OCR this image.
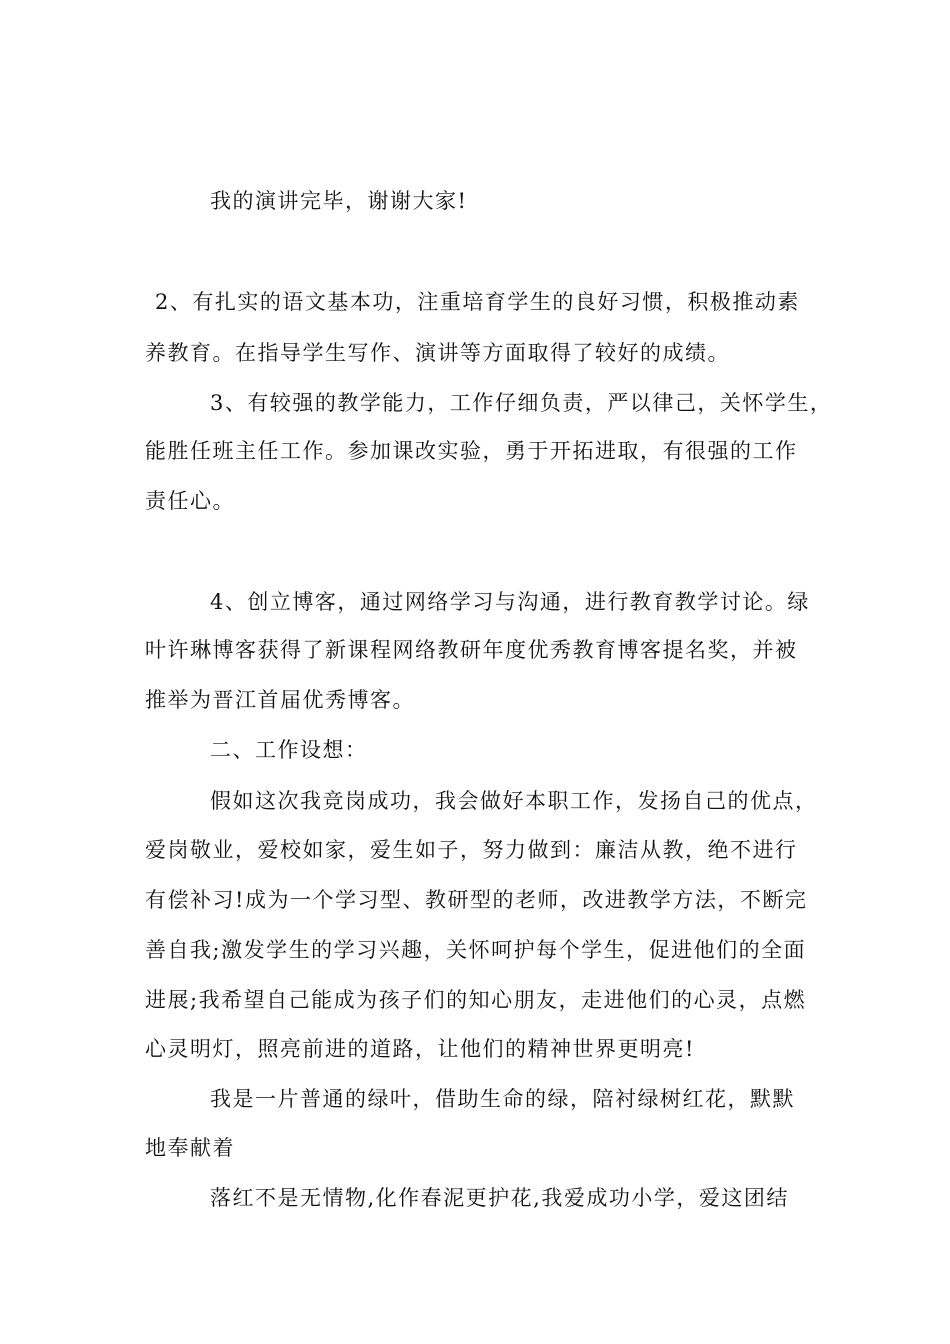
我的演讲完毕，谢谢大家!
2、有扎实的语文基本功，注重培育学生的良好习惯，积极推动素
养教育。在指导学生写作、演讲等方面取得了较好的成绩。
3、有较强的教学能力，工作仔细负责，严以律己，关怀学生，
能胜任班主任工作。参加课改实验，勇于开拓进取，有很强的工作
责任心。
4、创立博客，通过网络学习与沟通，进行教育教学讨论。绿
叶许琳博客获得了新课程网络教研年度优秀教育博客提名奖，并被
推举为晋江首届优秀博客。
二、工作设想：
假如这次我竞岗成功，我会做好本职工作，发扬自己的优点，
爱岗敬业，爱校如家，爱生如子，努力做到：廉洁从教，绝不进行
有偿补习!成为一个学习型、教研型的老师，改进教学方法，不断完
善自我;激发学生的学习兴趣，关怀呵护每个学生，促进他们的全面
进展;我希望自己能成为孩子们的知心朋友，走进他们的心灵，点燃
心灵明灯，照亮前进的道路，让他们的精神世界更明亮!
我是一片普通的绿叶，借助生命的绿，陪衬绿树红花，默默
地奉献着
落红不是无情物,化作春泥更护花,我爱成功小学，爱这团结
